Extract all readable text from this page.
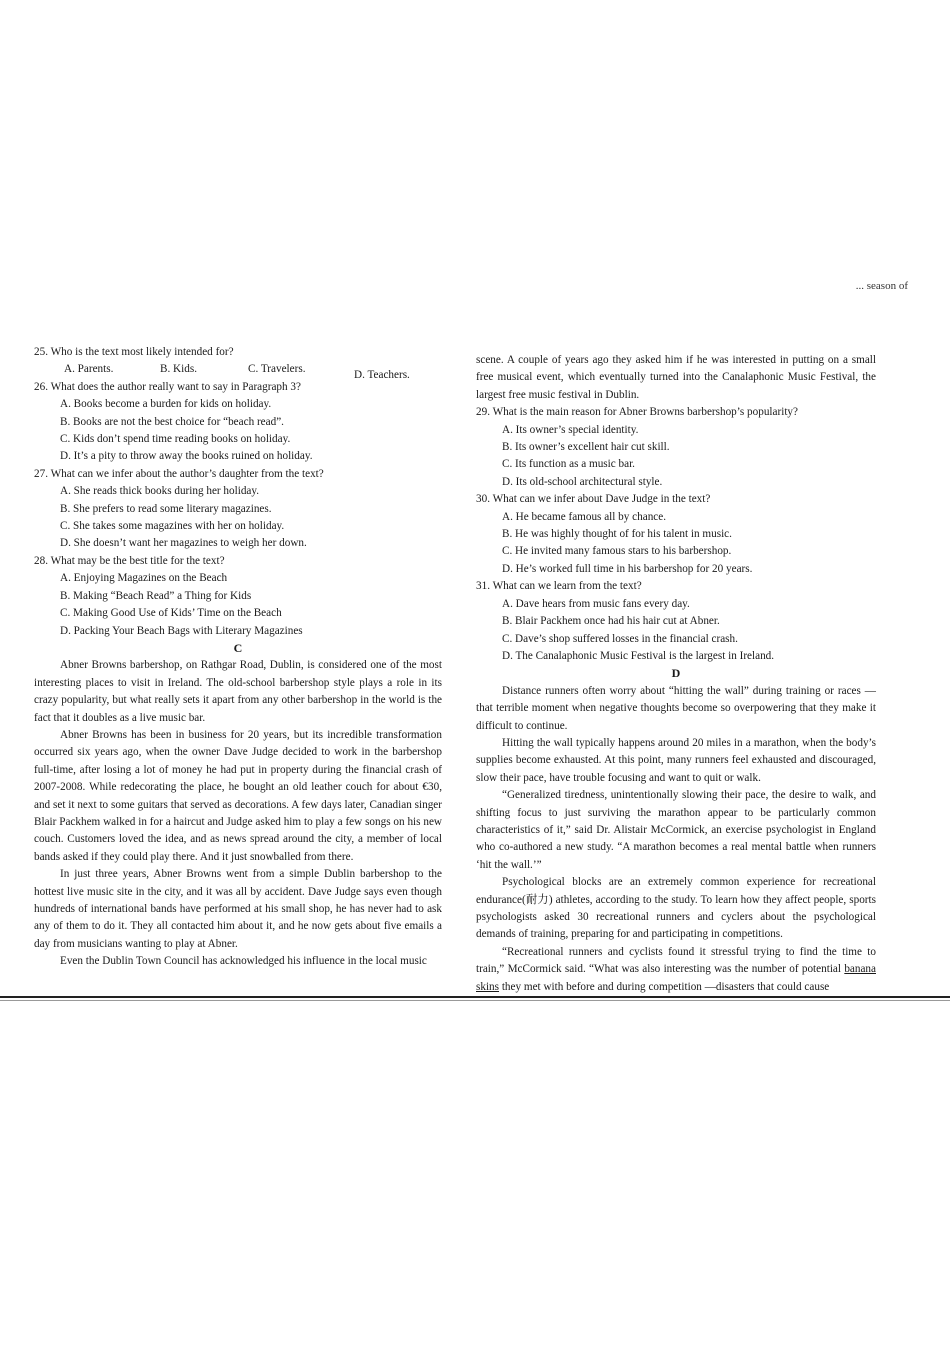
... season of

25. Who is the text most likely intended for?

A. Parents.	B. Kids.	C. Travelers.	D. Teachers.

26. What does the author really want to say in Paragraph 3?

A. Books become a burden for kids on holiday.

B. Books are not the best choice for “beach read”.

C. Kids don’t spend time reading books on holiday.

D. It’s a pity to throw away the books ruined on holiday.

27. What can we infer about the author’s daughter from the text?

A. She reads thick books during her holiday.

B. She prefers to read some literary magazines.

C. She takes some magazines with her on holiday.

D. She doesn’t want her magazines to weigh her down.

28. What may be the best title for the text?

A. Enjoying Magazines on the Beach

B. Making “Beach Read” a Thing for Kids

C. Making Good Use of Kids’ Time on the Beach

D. Packing Your Beach Bags with Literary Magazines

C

Abner Browns barbershop, on Rathgar Road, Dublin, is considered one of the most interesting places to visit in Ireland. The old-school barbershop style plays a role in its crazy popularity, but what really sets it apart from any other barbershop in the world is the fact that it doubles as a live music bar.

Abner Browns has been in business for 20 years, but its incredible transformation occurred six years ago, when the owner Dave Judge decided to work in the barbershop full-time, after losing a lot of money he had put in property during the financial crash of 2007-2008. While redecorating the place, he bought an old leather couch for about €30, and set it next to some guitars that served as decorations. A few days later, Canadian singer Blair Packhem walked in for a haircut and Judge asked him to play a few songs on his new couch. Customers loved the idea, and as news spread around the city, a member of local bands asked if they could play there. And it just snowballed from there.

In just three years, Abner Browns went from a simple Dublin barbershop to the hottest live music site in the city, and it was all by accident. Dave Judge says even though hundreds of international bands have performed at his small shop, he has never had to ask any of them to do it. They all contacted him about it, and he now gets about five emails a day from musicians wanting to play at Abner.

Even the Dublin Town Council has acknowledged his influence in the local music

scene. A couple of years ago they asked him if he was interested in putting on a small free musical event, which eventually turned into the Canalaphonic Music Festival, the largest free music festival in Dublin.

29. What is the main reason for Abner Browns barbershop’s popularity?

A. Its owner’s special identity.

B. Its owner’s excellent hair cut skill.

C. Its function as a music bar.

D. Its old-school architectural style.

30. What can we infer about Dave Judge in the text?

A. He became famous all by chance.

B. He was highly thought of for his talent in music.

C. He invited many famous stars to his barbershop.

D. He’s worked full time in his barbershop for 20 years.

31. What can we learn from the text?

A. Dave hears from music fans every day.

B. Blair Packhem once had his hair cut at Abner.

C. Dave’s shop suffered losses in the financial crash.

D. The Canalaphonic Music Festival is the largest in Ireland.

D

Distance runners often worry about “hitting the wall” during training or races — that terrible moment when negative thoughts become so overpowering that they make it difficult to continue.

Hitting the wall typically happens around 20 miles in a marathon, when the body’s supplies become exhausted. At this point, many runners feel exhausted and discouraged, slow their pace, have trouble focusing and want to quit or walk.

“Generalized tiredness, unintentionally slowing their pace, the desire to walk, and shifting focus to just surviving the marathon appear to be particularly common characteristics of it,” said Dr. Alistair McCormick, an exercise psychologist in England who co-authored a new study. “A marathon becomes a real mental battle when runners ‘hit the wall.’”

Psychological blocks are an extremely common experience for recreational endurance(耐力) athletes, according to the study. To learn how they affect people, sports psychologists asked 30 recreational runners and cyclers about the psychological demands of training, preparing for and participating in competitions.

“Recreational runners and cyclists found it stressful trying to find the time to train,” McCormick said. “What was also interesting was the number of potential banana skins they met with before and during competition —disasters that could cause
